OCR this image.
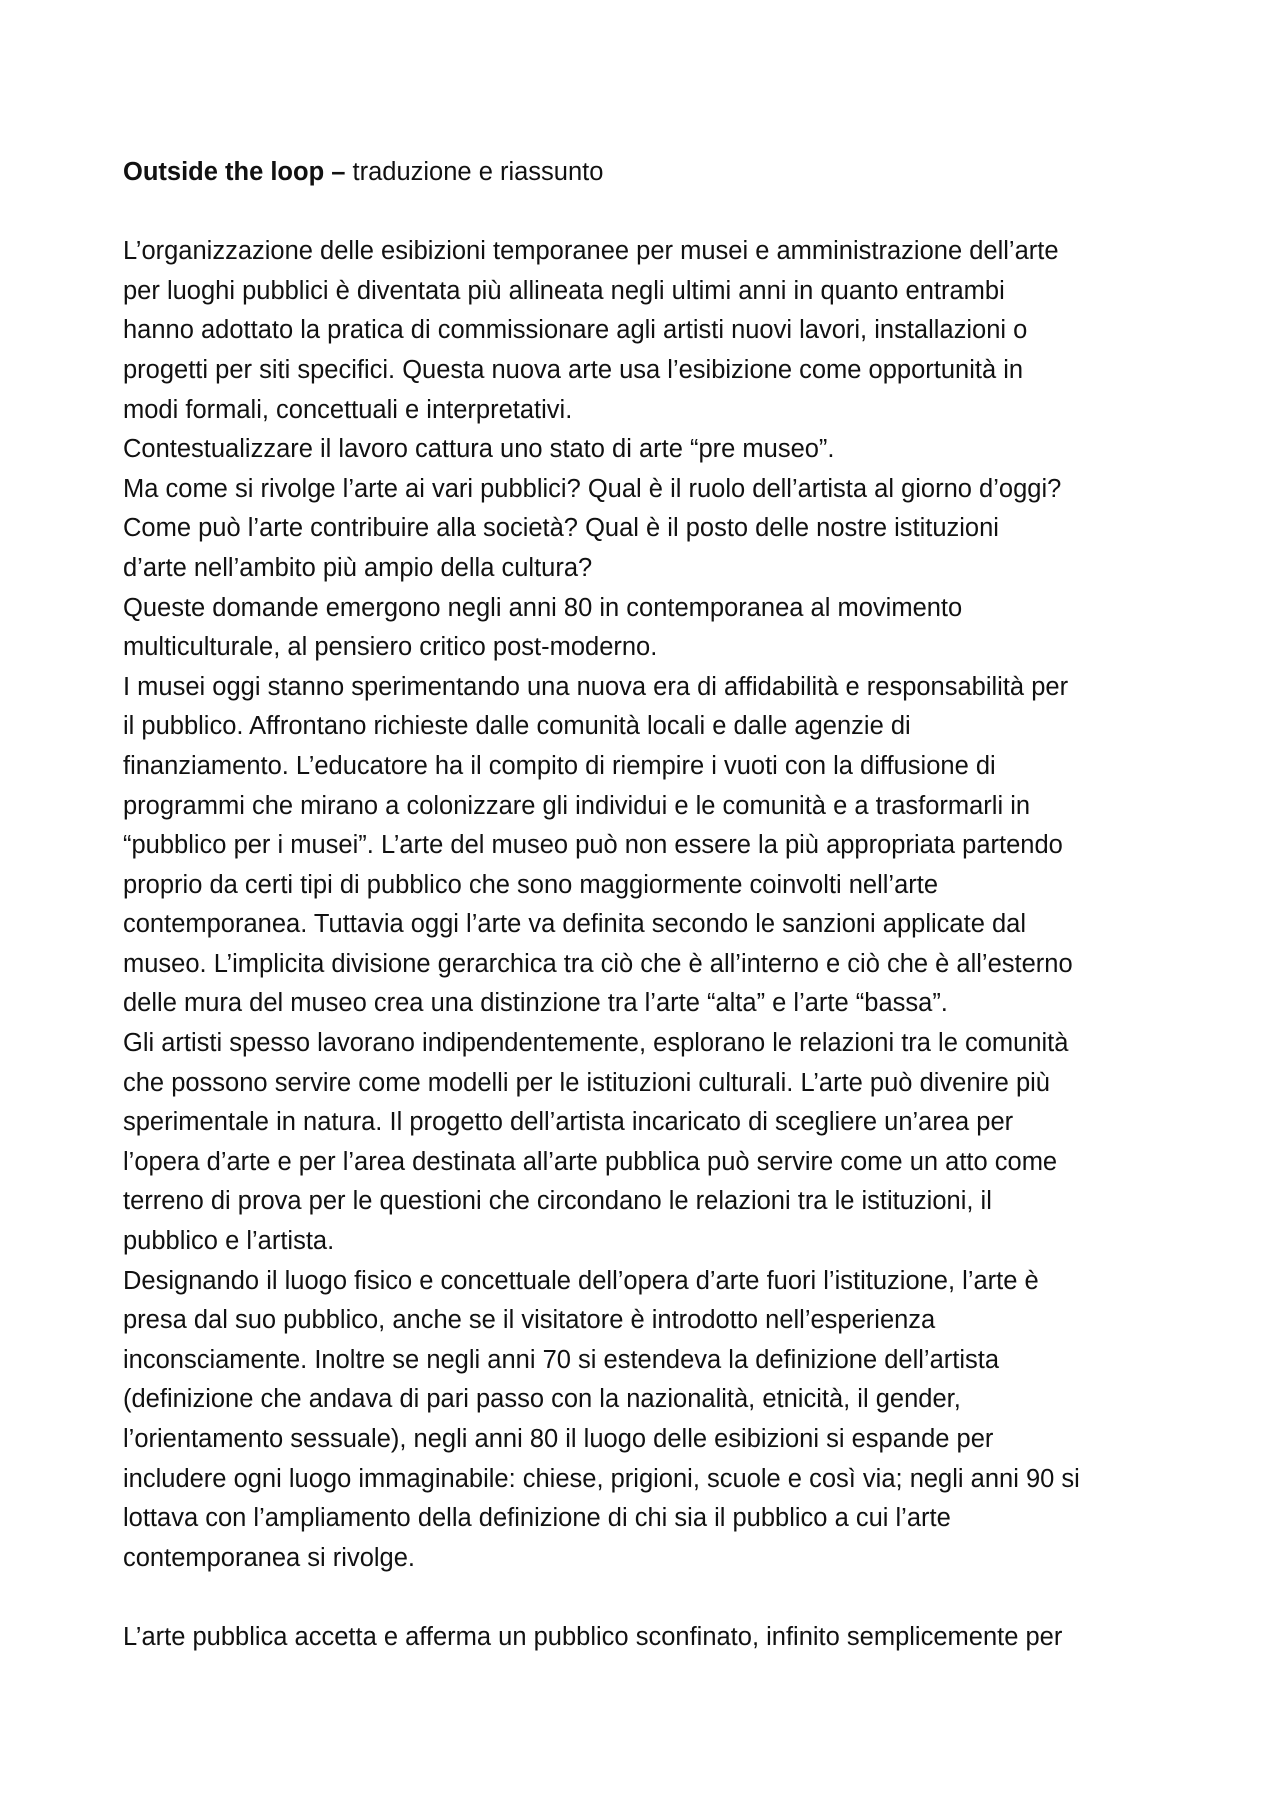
Outside the loop – traduzione e riassunto

L’organizzazione delle esibizioni temporanee per musei e amministrazione dell’arte

per luoghi pubblici è diventata più allineata negli ultimi anni in quanto entrambi

hanno adottato la pratica di commissionare agli artisti nuovi lavori, installazioni o

progetti per siti specifici. Questa nuova arte usa l’esibizione come opportunità in

modi formali, concettuali e interpretativi.

Contestualizzare il lavoro cattura uno stato di arte “pre museo”.

Ma come si rivolge l’arte ai vari pubblici? Qual è il ruolo dell’artista al giorno d’oggi?

Come può l’arte contribuire alla società? Qual è il posto delle nostre istituzioni

d’arte nell’ambito più ampio della cultura?

Queste domande emergono negli anni 80 in contemporanea al movimento

multiculturale, al pensiero critico post-moderno.

I musei oggi stanno sperimentando una nuova era di affidabilità e responsabilità per

il pubblico. Affrontano richieste dalle comunità locali e dalle agenzie di

finanziamento. L’educatore ha il compito di riempire i vuoti con la diffusione di

programmi che mirano a colonizzare gli individui e le comunità e a trasformarli in

“pubblico per i musei”. L’arte del museo può non essere la più appropriata partendo

proprio da certi tipi di pubblico che sono maggiormente coinvolti nell’arte

contemporanea. Tuttavia oggi l’arte va definita secondo le sanzioni applicate dal

museo. L’implicita divisione gerarchica tra ciò che è all’interno e ciò che è all’esterno

delle mura del museo crea una distinzione tra l’arte “alta” e l’arte “bassa”.

Gli artisti spesso lavorano indipendentemente, esplorano le relazioni tra le comunità

che possono servire come modelli per le istituzioni culturali. L’arte può divenire più

sperimentale in natura. Il progetto dell’artista incaricato di scegliere un’area per

l’opera d’arte e per l’area destinata all’arte pubblica può servire come un atto come

terreno di prova per le questioni che circondano le relazioni tra le istituzioni, il

pubblico e l’artista.

Designando il luogo fisico e concettuale dell’opera d’arte fuori l’istituzione, l’arte è

presa dal suo pubblico, anche se il visitatore è introdotto nell’esperienza

inconsciamente. Inoltre se negli anni 70 si estendeva la definizione dell’artista

(definizione che andava di pari passo con la nazionalità, etnicità, il gender,

l’orientamento sessuale), negli anni 80 il luogo delle esibizioni si espande per

includere ogni luogo immaginabile: chiese, prigioni, scuole e così via; negli anni 90 si

lottava con l’ampliamento della definizione di chi sia il pubblico a cui l’arte

contemporanea si rivolge.

L’arte pubblica accetta e afferma un pubblico sconfinato, infinito semplicemente per
